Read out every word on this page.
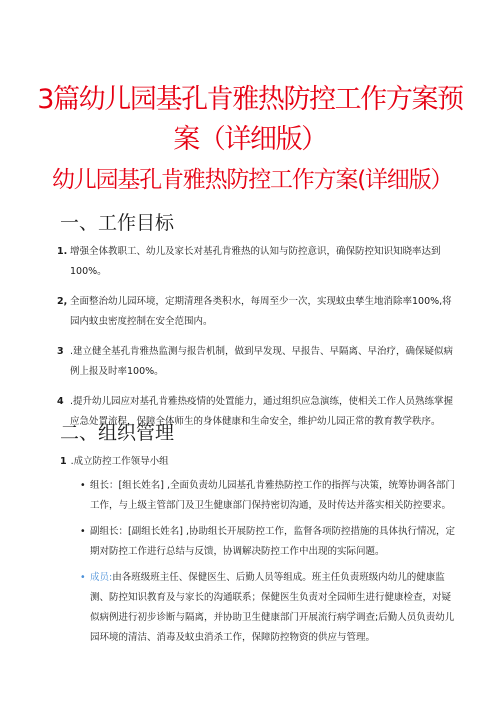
3篇幼儿园基孔肯雅热防控工作方案预案（详细版）
幼儿园基孔肯雅热防控工作方案(详细版）
一、工作目标
1. 增强全体教职工、幼儿及家长对基孔肯雅热的认知与防控意识，确保防控知识知晓率达到100%。
2, 全面整治幼儿园环境，定期清理各类积水，每周至少一次，实现蚊虫孳生地消除率100%,将园内蚊虫密度控制在安全范围内。
3 .建立健全基孔肯雅热监测与报告机制，做到早发现、早报告、早隔离、早治疗，确保疑似病例上报及时率100%。
4 .提升幼儿园应对基孔肯雅热疫情的处置能力，通过组织应急演练，使相关工作人员熟练掌握应急处置流程，保障全体师生的身体健康和生命安全，维护幼儿园正常的教育教学秩序。
二、组织管理

1 .成立防控工作领导小组

• 组长：[组长姓名] ,全面负责幼儿园基孔肯雅热防控工作的指挥与决策，统筹协调各部门工作，与上级主管部门及卫生健康部门保持密切沟通，及时传达并落实相关防控要求。
• 副组长：[副组长姓名] ,协助组长开展防控工作，监督各项防控措施的具体执行情况，定期对防控工作进行总结与反馈，协调解决防控工作中出现的实际问题。
• 成员:由各班级班主任、保健医生、后勤人员等组成。班主任负责班级内幼儿的健康监测、防控知识教育及与家长的沟通联系；保健医生负责对全园师生进行健康检查，对疑似病例进行初步诊断与隔离，并协助卫生健康部门开展流行病学调查;后勤人员负责幼儿园环境的清洁、消毒及蚊虫消杀工作，保障防控物资的供应与管理。
